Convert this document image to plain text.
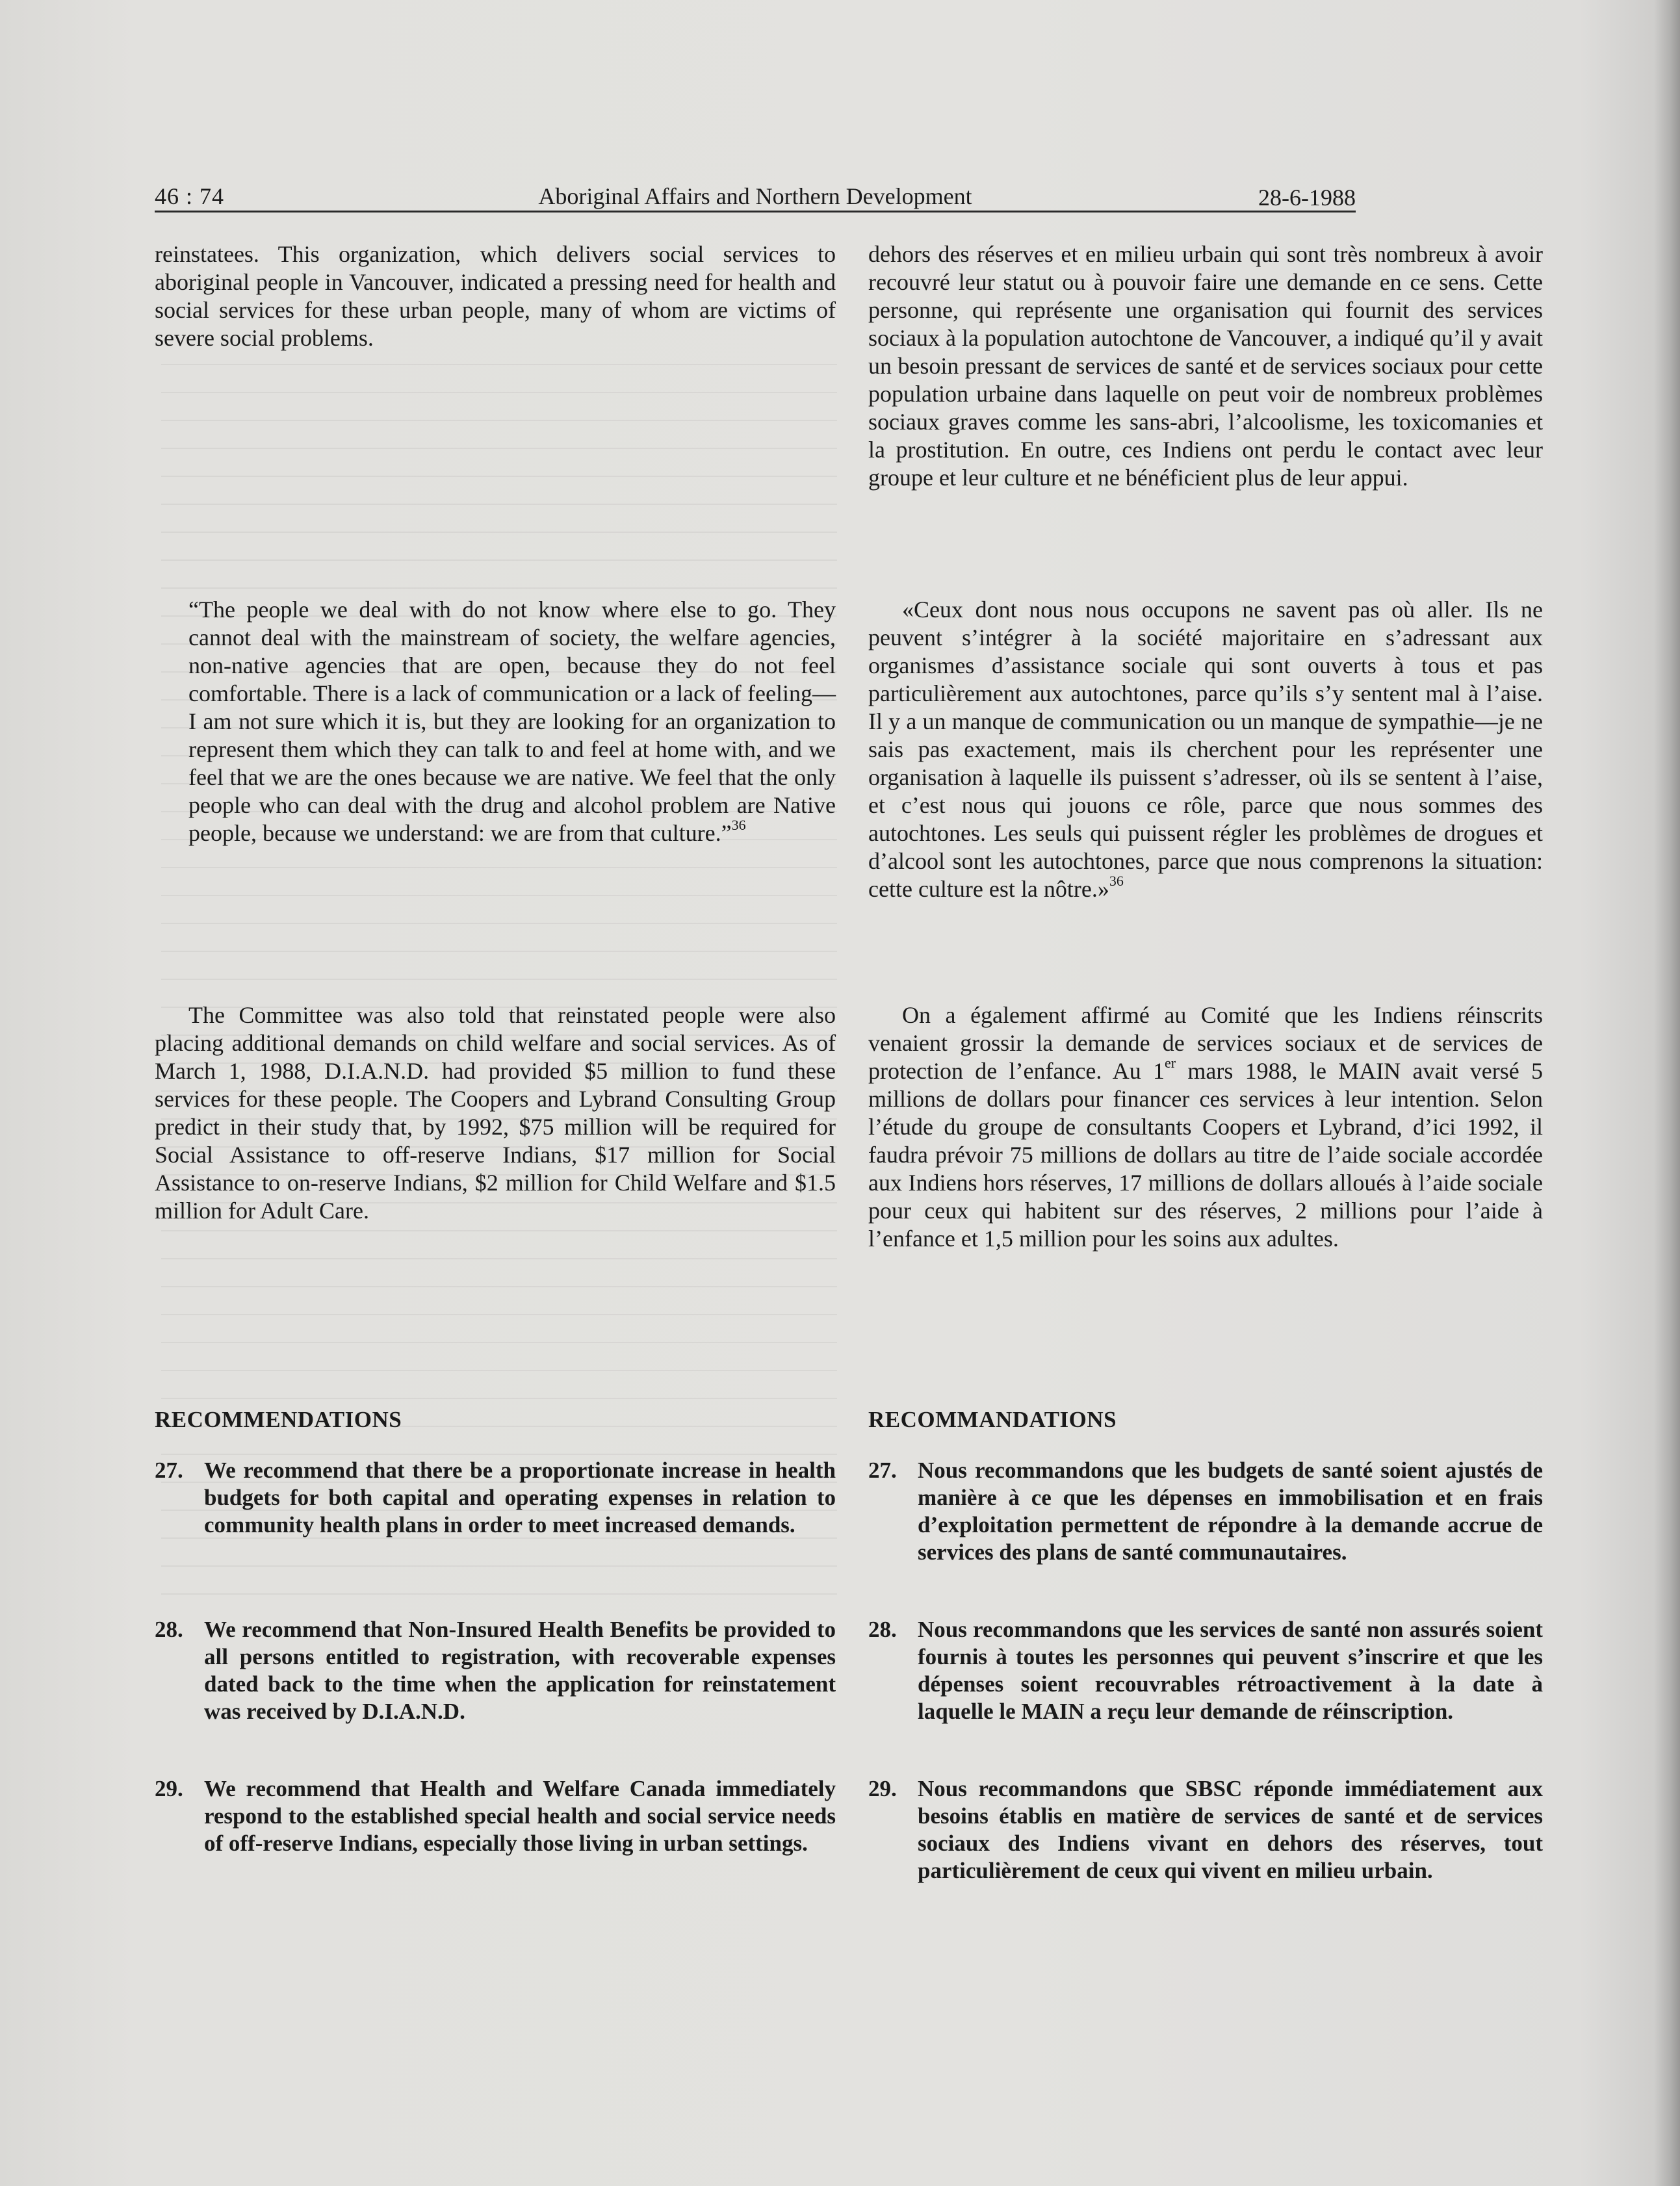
46 : 74	Aboriginal Affairs and Northern Development	28-6-1988

reinstatees. This organization, which delivers social services to aboriginal people in Vancouver, indicated a pressing need for health and social services for these urban people, many of whom are victims of severe social problems.

“The people we deal with do not know where else to go. They cannot deal with the mainstream of society, the welfare agencies, non-native agencies that are open, because they do not feel comfortable. There is a lack of communication or a lack of feeling—I am not sure which it is, but they are looking for an organization to represent them which they can talk to and feel at home with, and we feel that we are the ones because we are native. We feel that the only people who can deal with the drug and alcohol problem are Native people, because we understand: we are from that culture.”$^{36}$

The Committee was also told that reinstated people were also placing additional demands on child welfare and social services. As of March 1, 1988, D.I.A.N.D. had provided $5 million to fund these services for these people. The Coopers and Lybrand Consulting Group predict in their study that, by 1992, $75 million will be required for Social Assistance to off-reserve Indians, $17 million for Social Assistance to on-reserve Indians, $2 million for Child Welfare and $1.5 million for Adult Care.

RECOMMENDATIONS

27. We recommend that there be a proportionate increase in health budgets for both capital and operating expenses in relation to community health plans in order to meet increased demands.
28. We recommend that Non-Insured Health Benefits be provided to all persons entitled to registration, with recoverable expenses dated back to the time when the application for reinstatement was received by D.I.A.N.D.
29. We recommend that Health and Welfare Canada immediately respond to the established special health and social service needs of off-reserve Indians, especially those living in urban settings.

dehors des réserves et en milieu urbain qui sont très nombreux à avoir recouvré leur statut ou à pouvoir faire une demande en ce sens. Cette personne, qui représente une organisation qui fournit des services sociaux à la population autochtone de Vancouver, a indiqué qu’il y avait un besoin pressant de services de santé et de services sociaux pour cette population urbaine dans laquelle on peut voir de nombreux problèmes sociaux graves comme les sans-abri, l’alcoolisme, les toxicomanies et la prostitution. En outre, ces Indiens ont perdu le contact avec leur groupe et leur culture et ne bénéficient plus de leur appui.

«Ceux dont nous nous occupons ne savent pas où aller. Ils ne peuvent s’intégrer à la société majoritaire en s’adressant aux organismes d’assistance sociale qui sont ouverts à tous et pas particulièrement aux autochtones, parce qu’ils s’y sentent mal à l’aise. Il y a un manque de communication ou un manque de sympathie—je ne sais pas exactement, mais ils cherchent pour les représenter une organisation à laquelle ils puissent s’adresser, où ils se sentent à l’aise, et c’est nous qui jouons ce rôle, parce que nous sommes des autochtones. Les seuls qui puissent régler les problèmes de drogues et d’alcool sont les autochtones, parce que nous comprenons la situation: cette culture est la nôtre.»$^{36}$

On a également affirmé au Comité que les Indiens réinscrits venaient grossir la demande de services sociaux et de services de protection de l’enfance. Au 1er mars 1988, le MAIN avait versé 5 millions de dollars pour financer ces services à leur intention. Selon l’étude du groupe de consultants Coopers et Lybrand, d’ici 1992, il faudra prévoir 75 millions de dollars au titre de l’aide sociale accordée aux Indiens hors réserves, 17 millions de dollars alloués à l’aide sociale pour ceux qui habitent sur des réserves, 2 millions pour l’aide à l’enfance et 1,5 million pour les soins aux adultes.

RECOMMANDATIONS

27. Nous recommandons que les budgets de santé soient ajustés de manière à ce que les dépenses en immobilisation et en frais d’exploitation permettent de répondre à la demande accrue de services des plans de santé communautaires.
28. Nous recommandons que les services de santé non assurés soient fournis à toutes les personnes qui peuvent s’inscrire et que les dépenses soient recouvrables rétroactivement à la date à laquelle le MAIN a reçu leur demande de réinscription.
29. Nous recommandons que SBSC réponde immédiatement aux besoins établis en matière de services de santé et de services sociaux des Indiens vivant en dehors des réserves, tout particulièrement de ceux qui vivent en milieu urbain.
